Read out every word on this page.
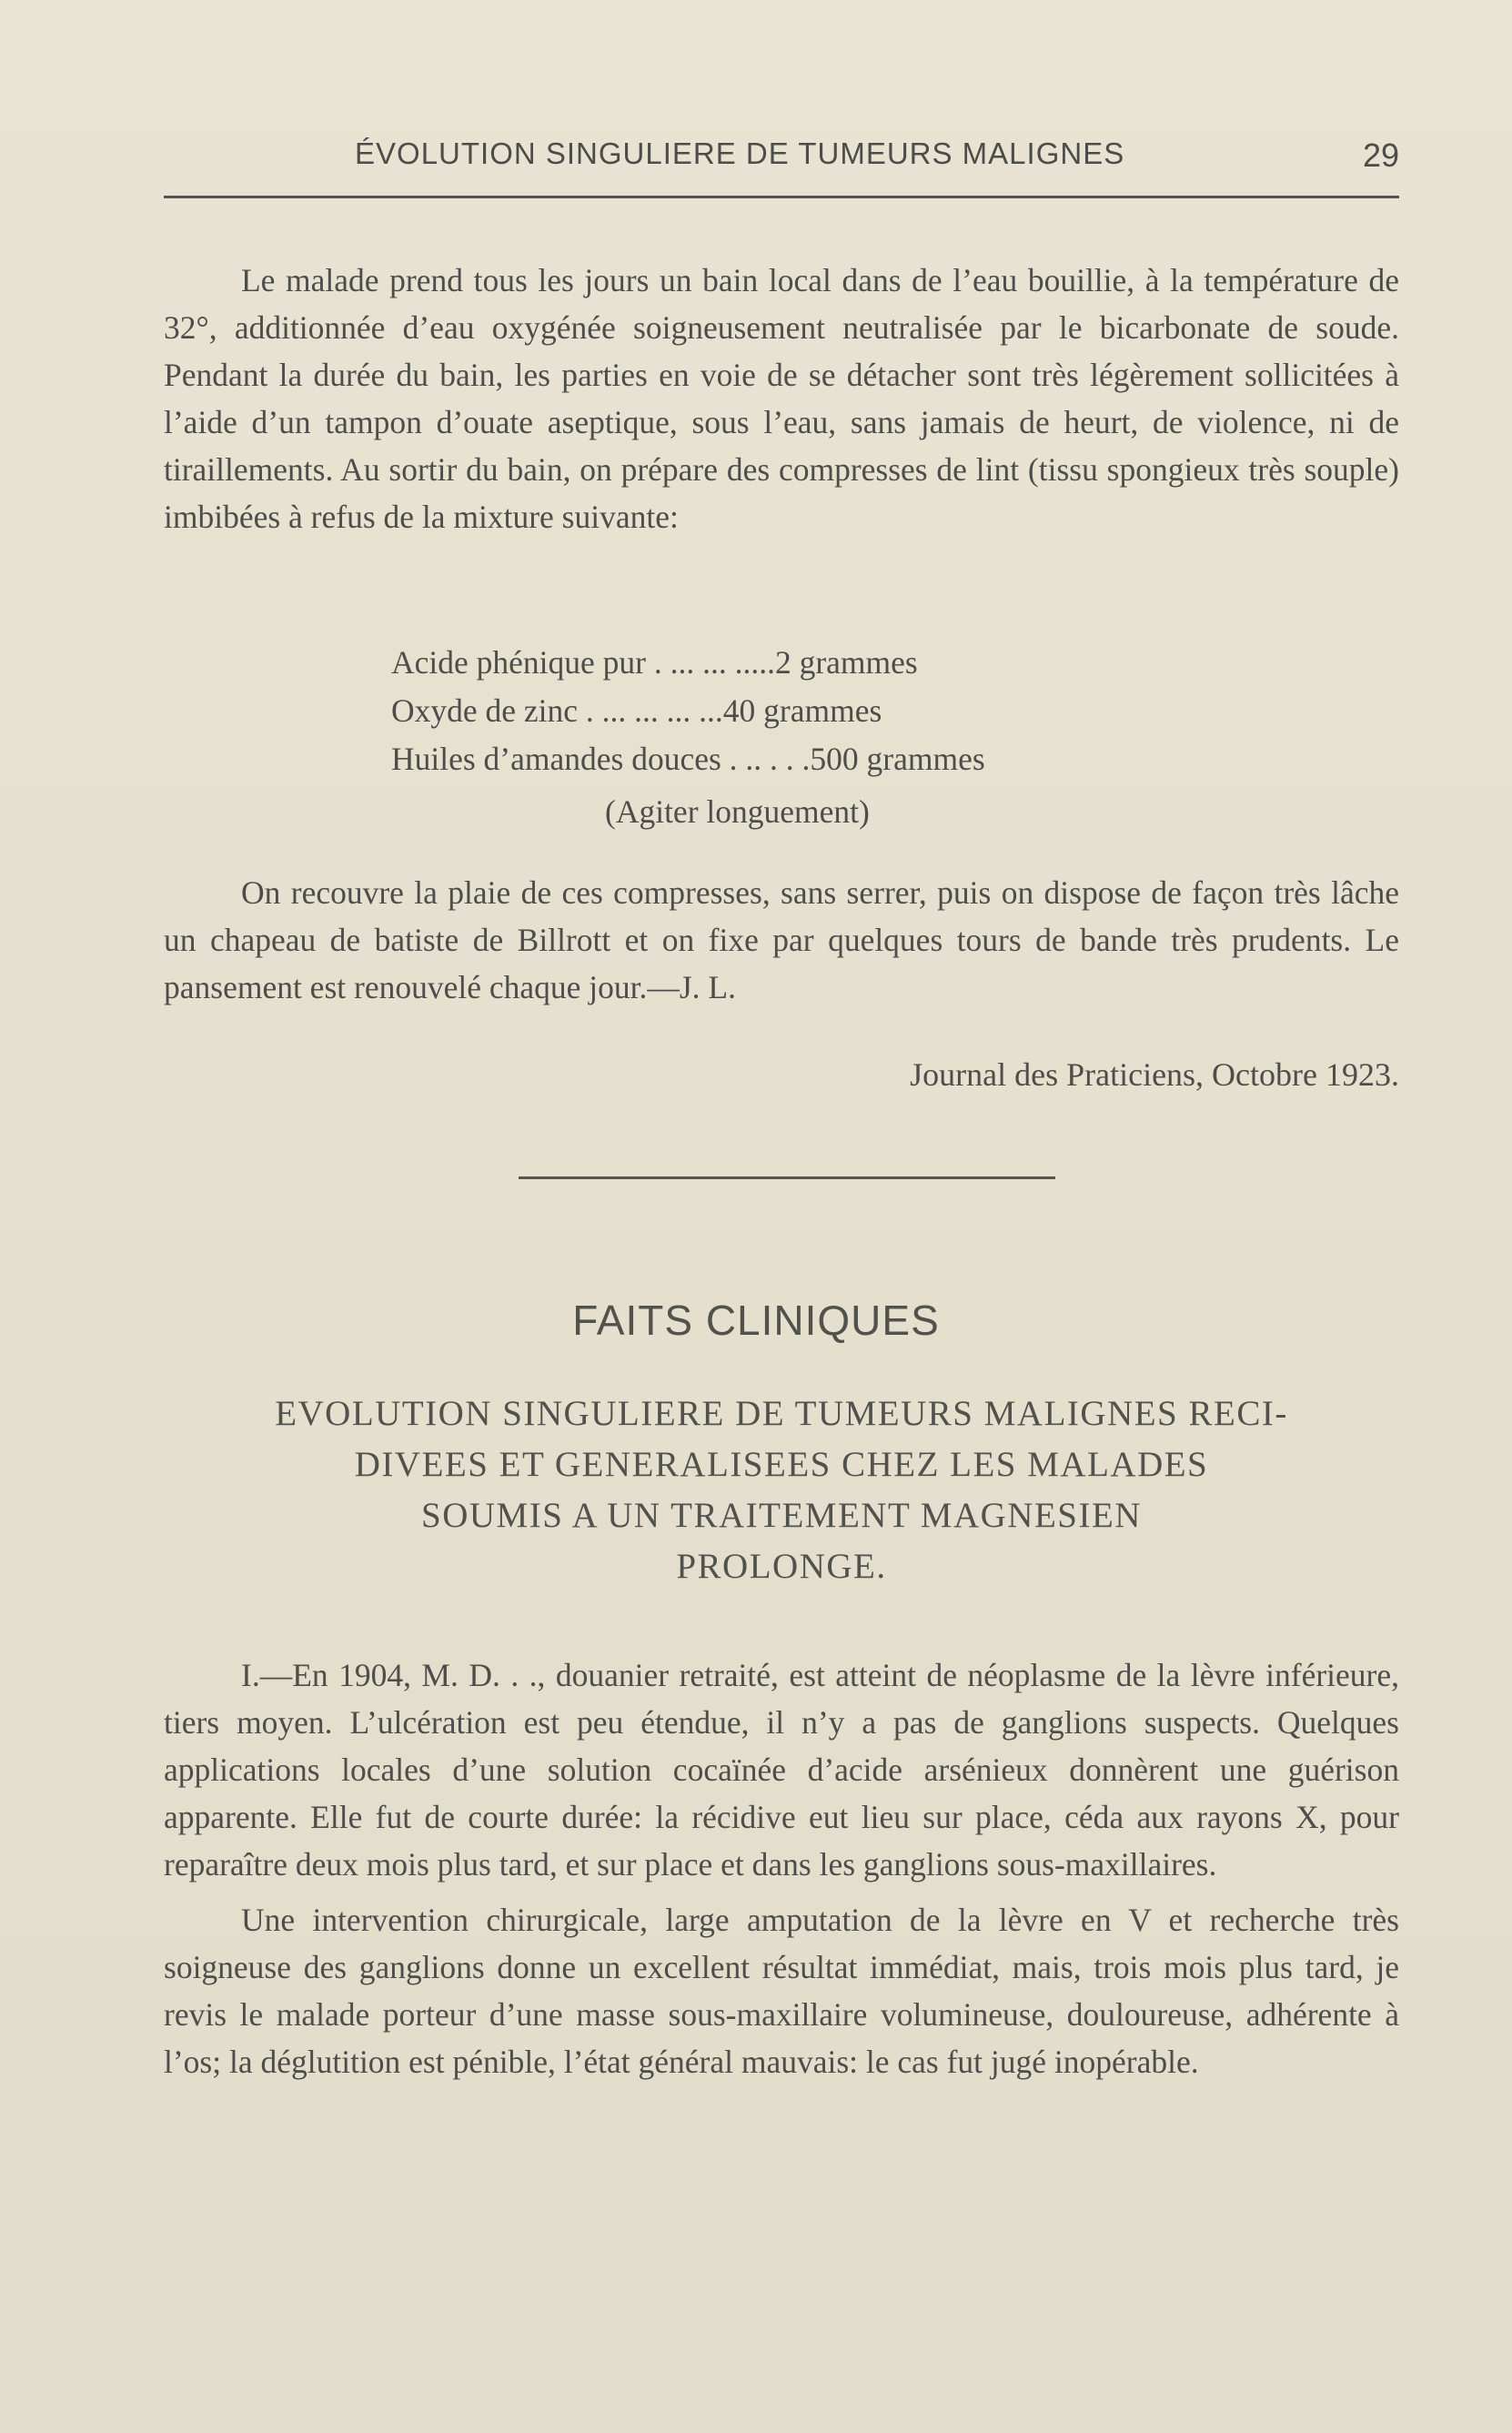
ÉVOLUTION SINGULIERE DE TUMEURS MALIGNES	29

Le malade prend tous les jours un bain local dans de l’eau bouillie, à la température de 32°, additionnée d’eau oxygénée soigneusement neutralisée par le bicarbonate de soude. Pendant la durée du bain, les parties en voie de se détacher sont très légèrement sollicitées à l’aide d’un tampon d’ouate aseptique, sous l’eau, sans jamais de heurt, de violence, ni de tiraillements. Au sortir du bain, on prépare des compresses de lint (tissu spongieux très souple) imbibées à refus de la mixture suivante:

Acide phénique pur . ... ... .....2 grammes
Oxyde de zinc . ... ... ... ...40 grammes
Huiles d’amandes douces . .. . . .500 grammes
(Agiter longuement)

On recouvre la plaie de ces compresses, sans serrer, puis on dispose de façon très lâche un chapeau de batiste de Billrott et on fixe par quelques tours de bande très prudents. Le pansement est renouvelé chaque jour.—J. L.

Journal des Praticiens, Octobre 1923.
FAITS CLINIQUES
EVOLUTION SINGULIERE DE TUMEURS MALIGNES RECI-
DIVEES ET GENERALISEES CHEZ LES MALADES
SOUMIS A UN TRAITEMENT MAGNESIEN
PROLONGE.

I.—En 1904, M. D. . ., douanier retraité, est atteint de néoplasme de la lèvre inférieure, tiers moyen. L’ulcération est peu étendue, il n’y a pas de ganglions suspects. Quelques applications locales d’une solution cocaïnée d’acide arsénieux donnèrent une guérison apparente. Elle fut de courte durée: la récidive eut lieu sur place, céda aux rayons X, pour reparaître deux mois plus tard, et sur place et dans les ganglions sous-maxillaires.

Une intervention chirurgicale, large amputation de la lèvre en V et recherche très soigneuse des ganglions donne un excellent résultat immédiat, mais, trois mois plus tard, je revis le malade porteur d’une masse sous-maxillaire volumineuse, douloureuse, adhérente à l’os; la déglutition est pénible, l’état général mauvais: le cas fut jugé inopérable.
